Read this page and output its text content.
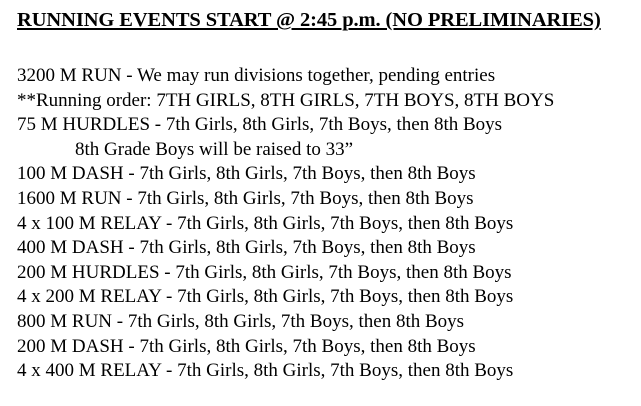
RUNNING EVENTS START @ 2:45 p.m. (NO PRELIMINARIES)
3200 M RUN - We may run divisions together, pending entries
**Running order: 7TH GIRLS, 8TH GIRLS, 7TH BOYS, 8TH BOYS
75 M HURDLES - 7th Girls, 8th Girls, 7th Boys, then 8th Boys
8th Grade Boys will be raised to 33”
100 M DASH - 7th Girls, 8th Girls, 7th Boys, then 8th Boys
1600 M RUN - 7th Girls, 8th Girls, 7th Boys, then 8th Boys
4 x 100 M RELAY - 7th Girls, 8th Girls, 7th Boys, then 8th Boys
400 M DASH - 7th Girls, 8th Girls, 7th Boys, then 8th Boys
200 M HURDLES - 7th Girls, 8th Girls, 7th Boys, then 8th Boys
4 x 200 M RELAY - 7th Girls, 8th Girls, 7th Boys, then 8th Boys
800 M RUN - 7th Girls, 8th Girls, 7th Boys, then 8th Boys
200 M DASH - 7th Girls, 8th Girls, 7th Boys, then 8th Boys
4 x 400 M RELAY - 7th Girls, 8th Girls, 7th Boys, then 8th Boys
